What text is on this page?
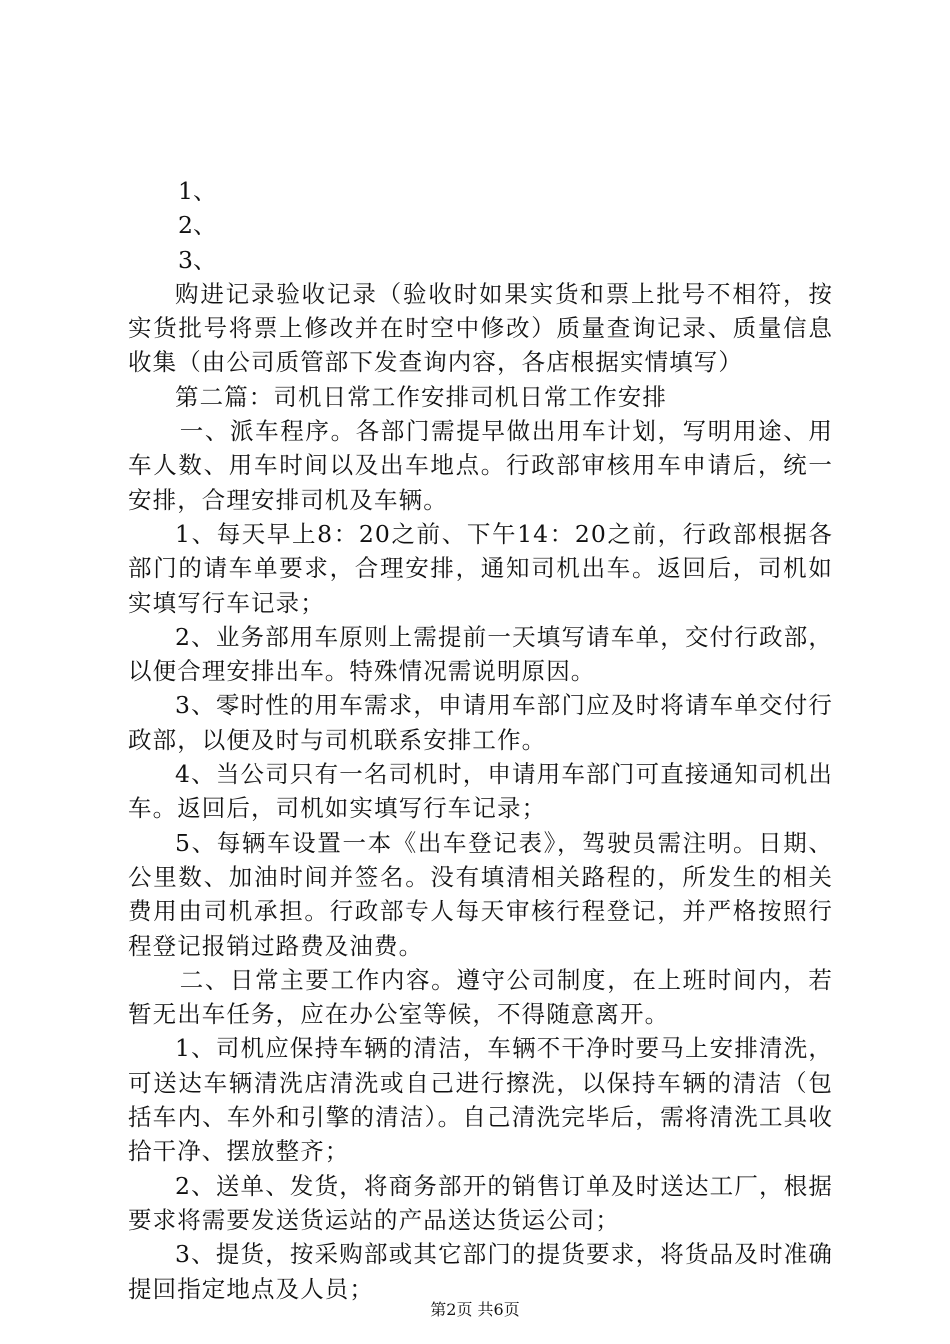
1、

2、

3、

购进记录验收记录（验收时如果实货和票上批号不相符，按实货批号将票上修改并在时空中修改）质量查询记录、质量信息收集（由公司质管部下发查询内容，各店根据实情填写）

第二篇：司机日常工作安排司机日常工作安排

一、派车程序。各部门需提早做出用车计划，写明用途、用车人数、用车时间以及出车地点。行政部审核用车申请后，统一安排，合理安排司机及车辆。

1、每天早上8：20之前、下午14：20之前，行政部根据各部门的请车单要求，合理安排，通知司机出车。返回后，司机如实填写行车记录；

2、业务部用车原则上需提前一天填写请车单，交付行政部，以便合理安排出车。特殊情况需说明原因。

3、零时性的用车需求，申请用车部门应及时将请车单交付行政部，以便及时与司机联系安排工作。

4、当公司只有一名司机时，申请用车部门可直接通知司机出车。返回后，司机如实填写行车记录；

5、每辆车设置一本《出车登记表》，驾驶员需注明。日期、公里数、加油时间并签名。没有填清相关路程的，所发生的相关费用由司机承担。行政部专人每天审核行程登记，并严格按照行程登记报销过路费及油费。

二、日常主要工作内容。遵守公司制度，在上班时间内，若暂无出车任务，应在办公室等候，不得随意离开。

1、司机应保持车辆的清洁，车辆不干净时要马上安排清洗，可送达车辆清洗店清洗或自己进行擦洗，以保持车辆的清洁（包括车内、车外和引擎的清洁）。自己清洗完毕后，需将清洗工具收拾干净、摆放整齐；

2、送单、发货，将商务部开的销售订单及时送达工厂，根据要求将需要发送货运站的产品送达货运公司；

3、提货，按采购部或其它部门的提货要求，将货品及时准确提回指定地点及人员；

第2页 共6页
